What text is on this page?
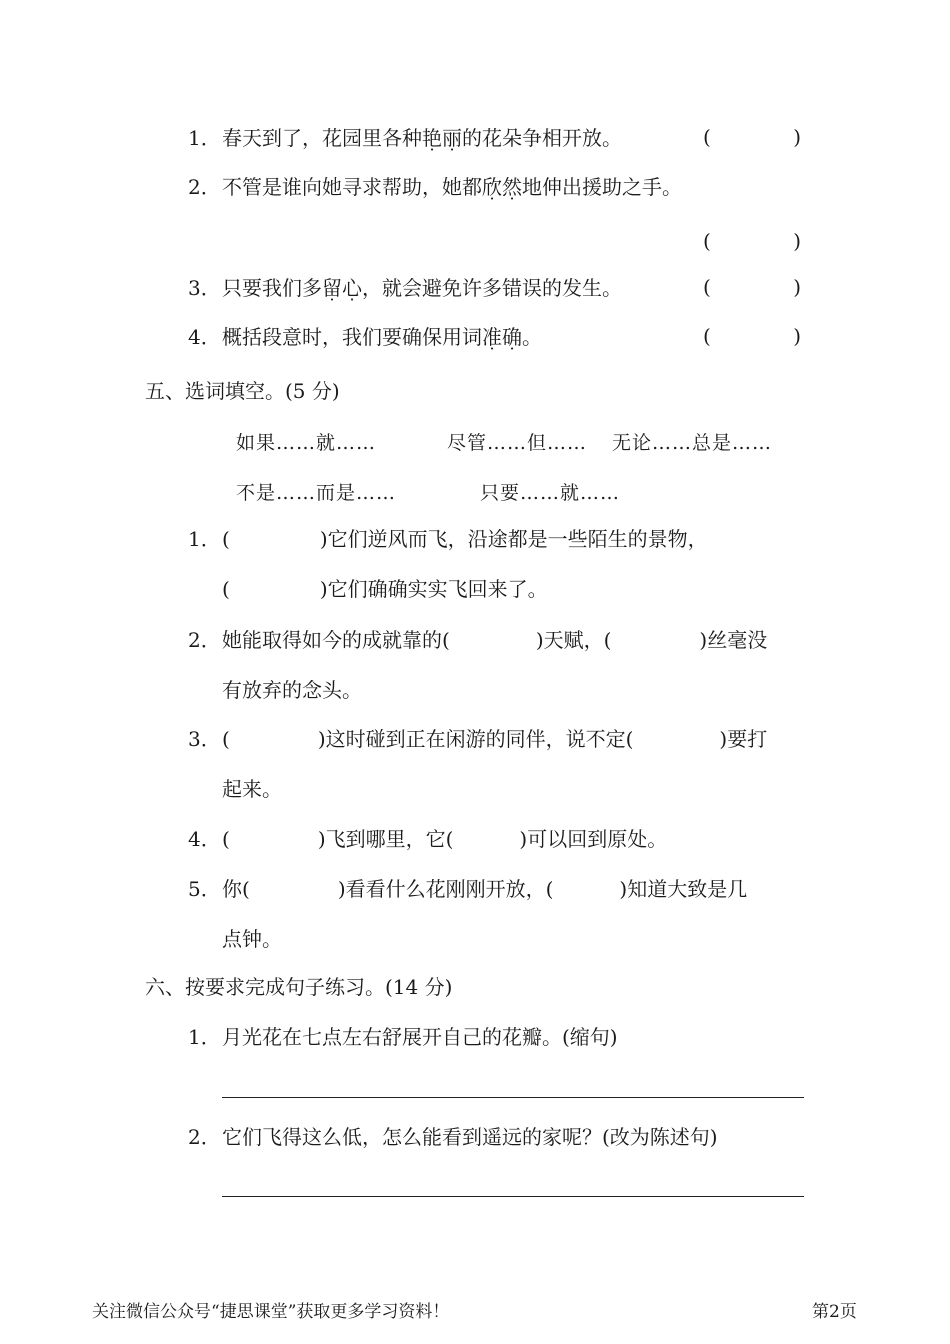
1．春天到了，花园里各种艳丽的花朵争相开放。
( )
2．不管是谁向她寻求帮助，她都欣然地伸出援助之手。
( )
3．只要我们多留心，就会避免许多错误的发生。
( )
4．概括段意时，我们要确保用词准确。
( )
五、选词填空。(5 分)
如果……就……	尽管……但…… 无论……总是……
不是……而是……	只要……就……
1．(	)它们逆风而飞，沿途都是一些陌生的景物，
(	)它们确确实实飞回来了。
2．她能取得如今的成就靠的(	)天赋，(	)丝毫没
有放弃的念头。
3．(	)这时碰到正在闲游的同伴，说不定(	)要打
起来。
4．(	)飞到哪里，它(	)可以回到原处。
5．你(	)看看什么花刚刚开放，(	)知道大致是几
点钟。
六、按要求完成句子练习。(14 分)
1．月光花在七点左右舒展开自己的花瓣。(缩句)
2．它们飞得这么低，怎么能看到遥远的家呢？(改为陈述句)
关注微信公众号“捷思课堂”获取更多学习资料！	第2页
